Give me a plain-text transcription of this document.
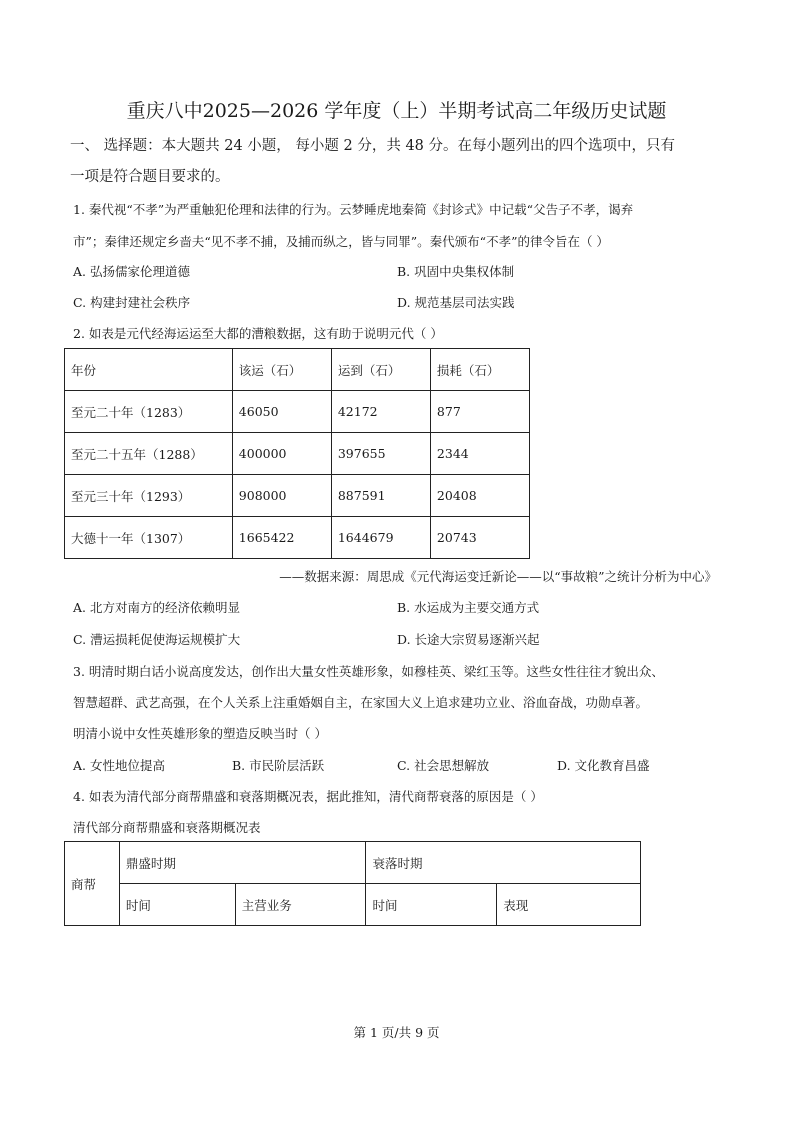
重庆八中2025—2026 学年度（上）半期考试高二年级历史试题
一、 选择题：本大题共 24 小题， 每小题 2 分，共 48 分。在每小题列出的四个选项中，只有
一项是符合题目要求的。
1. 秦代视“不孝”为严重触犯伦理和法律的行为。云梦睡虎地秦简《封诊式》中记载“父告子不孝，谒弃
市”；秦律还规定乡啬夫“见不孝不捕，及捕而纵之，皆与同罪”。秦代颁布“不孝”的律令旨在（ ）
A. 弘扬儒家伦理道德	B. 巩固中央集权体制
C. 构建封建社会秩序	D. 规范基层司法实践
2. 如表是元代经海运运至大都的漕粮数据，这有助于说明元代（ ）
年份	该运（石）	运到（石）	损耗（石）
至元二十年（1283）	46050	42172	877
至元二十五年（1288）	400000	397655	2344
至元三十年（1293）	908000	887591	20408
大德十一年（1307）	1665422	1644679	20743
——数据来源：周思成《元代海运变迁新论——以“事故粮”之统计分析为中心》
A. 北方对南方的经济依赖明显	B. 水运成为主要交通方式
C. 漕运损耗促使海运规模扩大	D. 长途大宗贸易逐渐兴起
3. 明清时期白话小说高度发达，创作出大量女性英雄形象，如穆桂英、梁红玉等。这些女性往往才貌出众、
智慧超群、武艺高强，在个人关系上注重婚姻自主，在家国大义上追求建功立业、浴血奋战，功勋卓著。
明清小说中女性英雄形象的塑造反映当时（ ）
A. 女性地位提高	B. 市民阶层活跃	C. 社会思想解放	D. 文化教育昌盛
4. 如表为清代部分商帮鼎盛和衰落期概况表，据此推知，清代商帮衰落的原因是（ ）
清代部分商帮鼎盛和衰落期概况表
商帮	鼎盛时期		衰落时期	
	时间	主营业务	时间	表现
第 1 页/共 9 页
